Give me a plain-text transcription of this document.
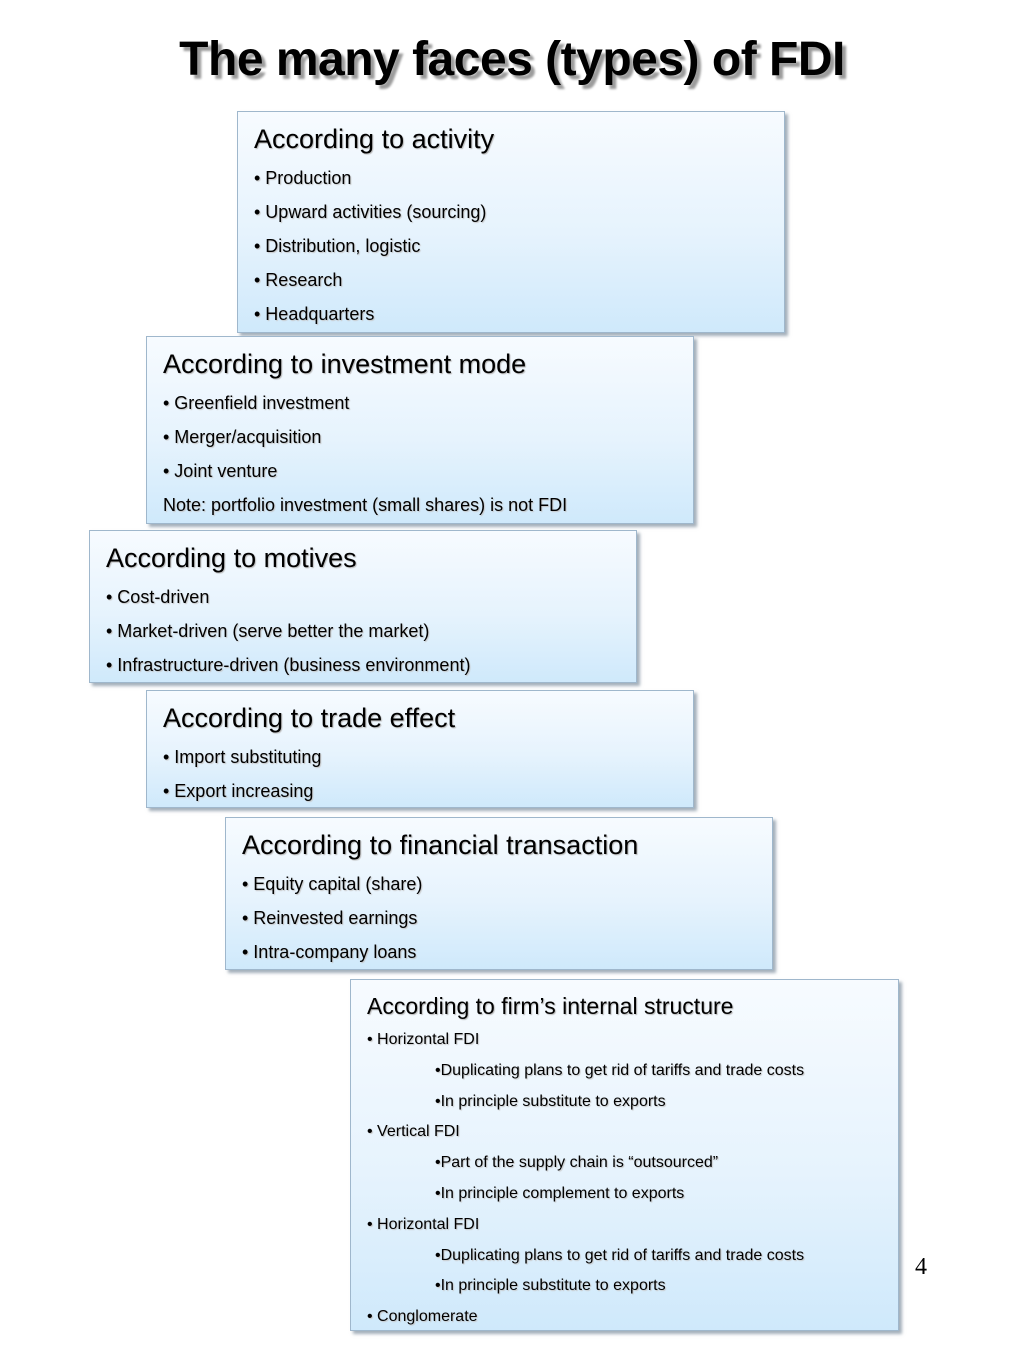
The many faces (types) of FDI
According to activity
• Production
• Upward activities (sourcing)
• Distribution, logistic
• Research
• Headquarters
According to investment mode
• Greenfield investment
• Merger/acquisition
• Joint venture
Note: portfolio investment (small shares) is not FDI
According to motives
• Cost-driven
• Market-driven (serve better the market)
• Infrastructure-driven (business environment)
According to trade effect
• Import substituting
• Export increasing
According to financial transaction
• Equity capital (share)
• Reinvested earnings
• Intra-company loans
According to firm’s internal structure
• Horizontal FDI
•Duplicating plans to get rid of tariffs and trade costs
•In principle substitute to exports
• Vertical FDI
•Part of the supply chain is “outsourced”
•In principle complement to exports
• Horizontal FDI
•Duplicating plans to get rid of tariffs and trade costs
•In principle substitute to exports
• Conglomerate
4
